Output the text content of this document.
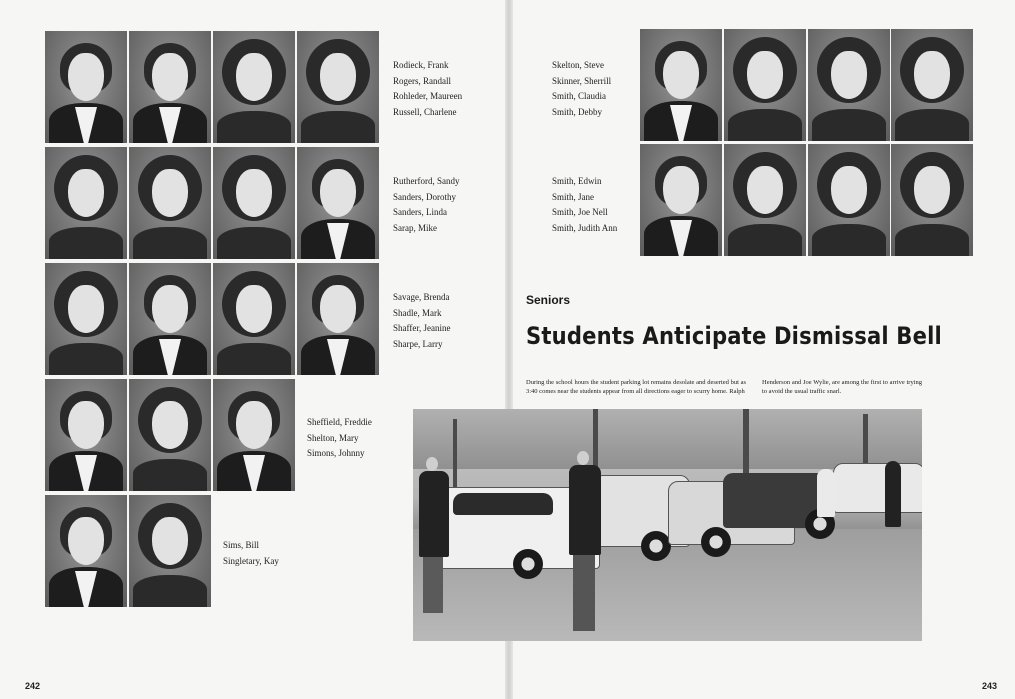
Rodieck, Frank
Rogers, Randall
Rohleder, Maureen
Russell, Charlene
Rutherford, Sandy
Sanders, Dorothy
Sanders, Linda
Sarap, Mike
Savage, Brenda
Shadle, Mark
Shaffer, Jeanine
Sharpe, Larry
Sheffield, Freddie
Shelton, Mary
Simons, Johnny
Sims, Bill
Singletary, Kay
242	243
Skelton, Steve
Skinner, Sherrill
Smith, Claudia
Smith, Debby
Smith, Edwin
Smith, Jane
Smith, Joe Nell
Smith, Judith Ann
Seniors
Students Anticipate Dismissal Bell
During the school hours the student parking lot remains desolate and deserted but as 3:40 comes near the students appear from all directions eager to scurry home. Ralph
Henderson and Joe Wylie, are among the first to arrive trying to avoid the usual traffic snarl.
